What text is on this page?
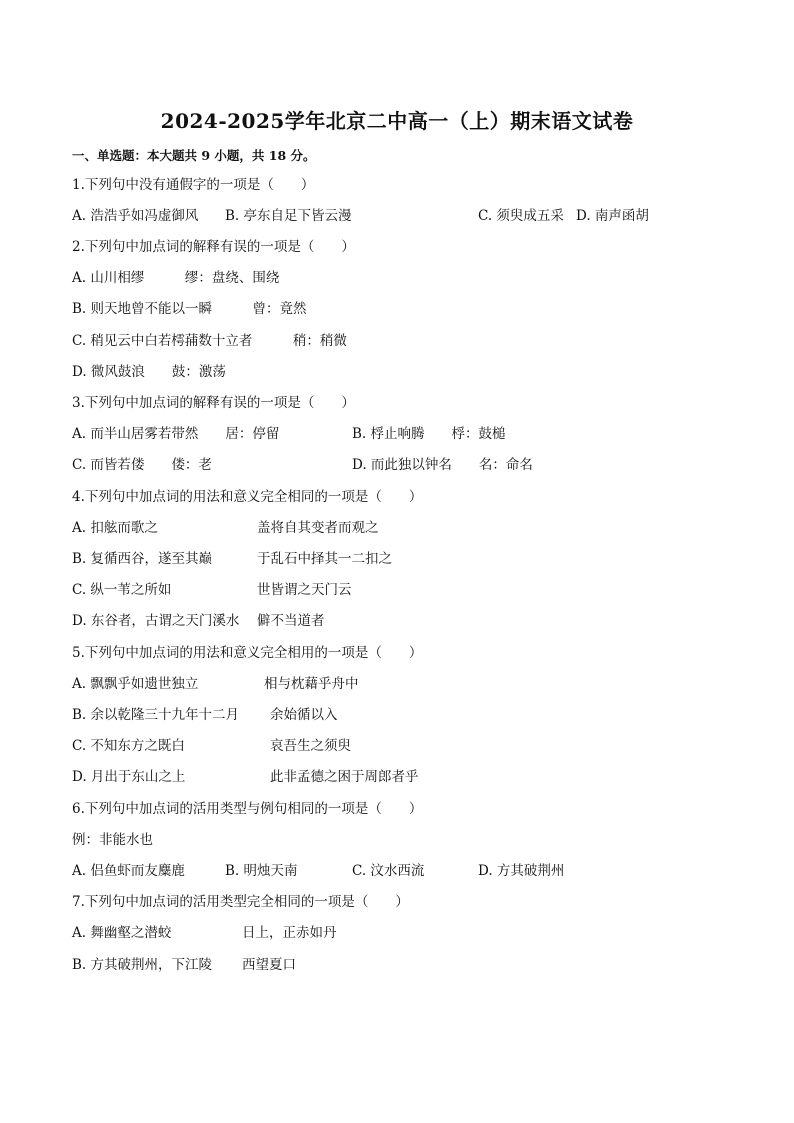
2024-2025学年北京二中高一（上）期末语文试卷
一、单选题：本大题共 9 小题，共 18 分。
1.下列句中没有通假字的一项是（　　）
A. 浩浩乎如冯虚御风 B. 亭东自足下皆云漫	C. 须臾成五采 D. 南声函胡
2.下列句中加点词的解释有误的一项是（　　）
A. 山川相缪　　　缪：盘绕、围绕
B. 则天地曾不能以一瞬　　　曾：竟然
C. 稍见云中白若樗蒱数十立者　　　稍：稍微
D. 微风鼓浪　　鼓：激荡
3.下列句中加点词的解释有误的一项是（　　）
A. 而半山居雾若带然　　居：停留	B. 桴止响腾　　桴：鼓槌
C. 而皆若偻　　偻：老	D. 而此独以钟名　　名：命名
4.下列句中加点词的用法和意义完全相同的一项是（　　）
A. 扣舷而歌之	盖将自其变者而观之
B. 复循西谷，遂至其巅	于乱石中择其一二扣之
C. 纵一苇之所如	世皆谓之天门云
D. 东谷者，古谓之天门溪水 僻不当道者
5.下列句中加点词的用法和意义完全相用的一项是（　　）
A. 飘飘乎如遗世独立	相与枕藉乎舟中
B. 余以乾隆三十九年十二月 余始循以入
C. 不知东方之既白	哀吾生之须臾
D. 月出于东山之上	此非孟德之困于周郎者乎
6.下列句中加点词的活用类型与例句相同的一项是（　　）
例：非能水也
A. 侣鱼虾而友麋鹿	B. 明烛天南	C. 汶水西流	D. 方其破荆州
7.下列句中加点词的活用类型完全相同的一项是（　　）
A. 舞幽壑之潜蛟	日上，正赤如丹
B. 方其破荆州，下江陵 西望夏口
